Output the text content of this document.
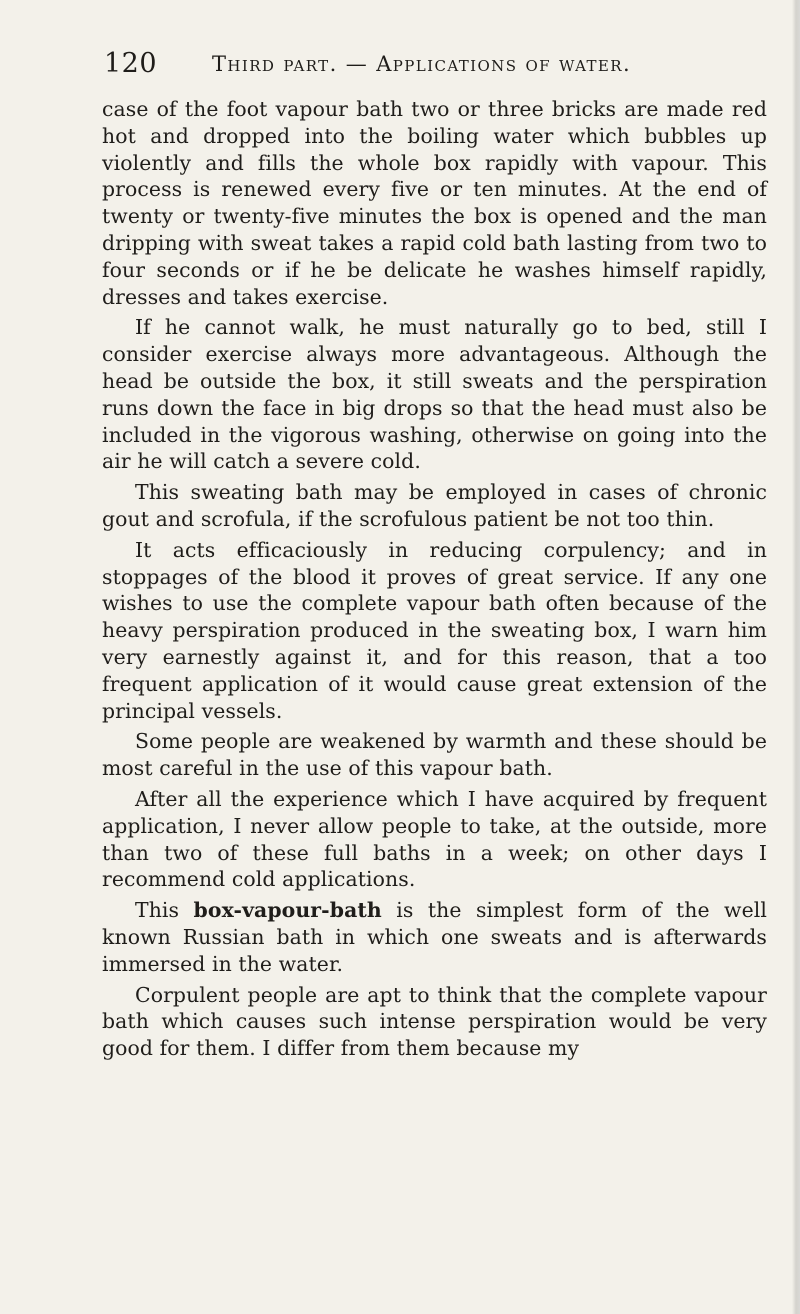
120	Third part. — Applications of water.

case of the foot vapour bath two or three bricks are made red hot and dropped into the boiling water which bubbles up violently and fills the whole box rapidly with vapour. This process is renewed every five or ten minutes. At the end of twenty or twenty-five minutes the box is opened and the man dripping with sweat takes a rapid cold bath lasting from two to four seconds or if he be delicate he washes himself rapidly, dresses and takes exercise.

If he cannot walk, he must naturally go to bed, still I consider exercise always more advantageous. Although the head be outside the box, it still sweats and the perspiration runs down the face in big drops so that the head must also be included in the vigorous washing, otherwise on going into the air he will catch a severe cold.

This sweating bath may be employed in cases of chronic gout and scrofula, if the scrofulous patient be not too thin.

It acts efficaciously in reducing corpulency; and in stoppages of the blood it proves of great service. If any one wishes to use the complete vapour bath often because of the heavy perspiration produced in the sweating box, I warn him very earnestly against it, and for this reason, that a too frequent application of it would cause great extension of the principal vessels.

Some people are weakened by warmth and these should be most careful in the use of this vapour bath.

After all the experience which I have acquired by frequent application, I never allow people to take, at the outside, more than two of these full baths in a week; on other days I recommend cold applications.

This box-vapour-bath is the simplest form of the well known Russian bath in which one sweats and is afterwards immersed in the water.

Corpulent people are apt to think that the complete vapour bath which causes such intense perspiration would be very good for them. I differ from them because my
